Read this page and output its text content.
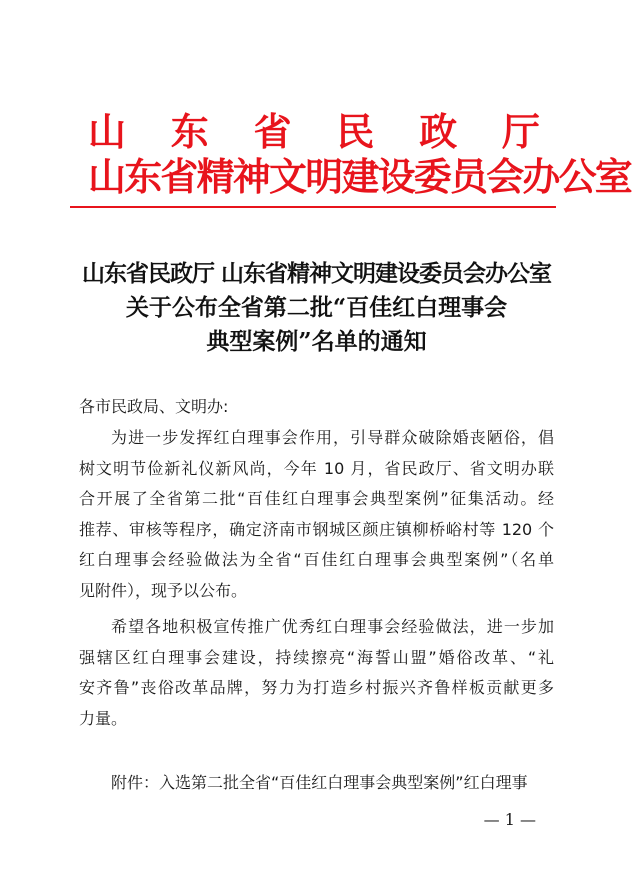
山 东 省 民 政 厅
山东省精神文明建设委员会办公室
山东省民政厅 山东省精神文明建设委员会办公室
关于公布全省第二批“百佳红白理事会
典型案例”名单的通知
各市民政局、文明办:
为进一步发挥红白理事会作用，引导群众破除婚丧陋俗，倡
树文明节俭新礼仪新风尚，今年 10 月，省民政厅、省文明办联
合开展了全省第二批“百佳红白理事会典型案例”征集活动。经
推荐、审核等程序，确定济南市钢城区颜庄镇柳桥峪村等 120 个
红白理事会经验做法为全省“百佳红白理事会典型案例”（名单
见附件），现予以公布。
希望各地积极宣传推广优秀红白理事会经验做法，进一步加
强辖区红白理事会建设，持续擦亮“海誓山盟”婚俗改革、“礼
安齐鲁”丧俗改革品牌，努力为打造乡村振兴齐鲁样板贡献更多
力量。
附件：入选第二批全省“百佳红白理事会典型案例”红白理事
— 1 —
